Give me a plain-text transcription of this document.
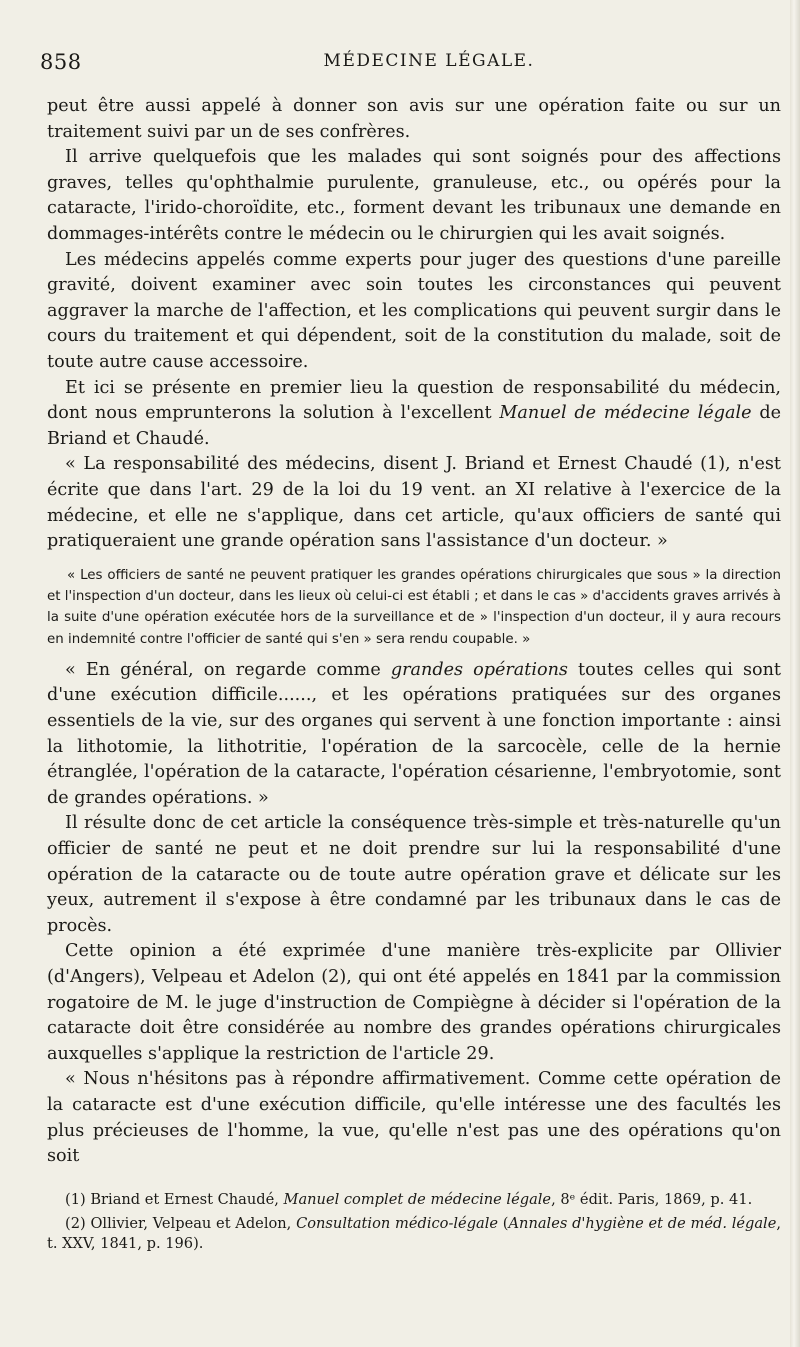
858	MÉDECINE LÉGALE.

peut être aussi appelé à donner son avis sur une opération faite ou sur un traitement suivi par un de ses confrères.

Il arrive quelquefois que les malades qui sont soignés pour des affections graves, telles qu'ophthalmie purulente, granuleuse, etc., ou opérés pour la cataracte, l'irido-choroïdite, etc., forment devant les tribunaux une demande en dommages-intérêts contre le médecin ou le chirurgien qui les avait soignés.

Les médecins appelés comme experts pour juger des questions d'une pareille gravité, doivent examiner avec soin toutes les circonstances qui peuvent aggraver la marche de l'affection, et les complications qui peuvent surgir dans le cours du traitement et qui dépendent, soit de la constitution du malade, soit de toute autre cause accessoire.

Et ici se présente en premier lieu la question de responsabilité du médecin, dont nous emprunterons la solution à l'excellent Manuel de médecine légale de Briand et Chaudé.

« La responsabilité des médecins, disent J. Briand et Ernest Chaudé (1), n'est écrite que dans l'art. 29 de la loi du 19 vent. an XI relative à l'exercice de la médecine, et elle ne s'applique, dans cet article, qu'aux officiers de santé qui pratiqueraient une grande opération sans l'assistance d'un docteur. »

« Les officiers de santé ne peuvent pratiquer les grandes opérations chirurgicales que sous » la direction et l'inspection d'un docteur, dans les lieux où celui-ci est établi ; et dans le cas » d'accidents graves arrivés à la suite d'une opération exécutée hors de la surveillance et de » l'inspection d'un docteur, il y aura recours en indemnité contre l'officier de santé qui s'en » sera rendu coupable. »

« En général, on regarde comme grandes opérations toutes celles qui sont d'une exécution difficile......, et les opérations pratiquées sur des organes essentiels de la vie, sur des organes qui servent à une fonction importante : ainsi la lithotomie, la lithotritie, l'opération de la sarcocèle, celle de la hernie étranglée, l'opération de la cataracte, l'opération césarienne, l'embryotomie, sont de grandes opérations. »

Il résulte donc de cet article la conséquence très-simple et très-naturelle qu'un officier de santé ne peut et ne doit prendre sur lui la responsabilité d'une opération de la cataracte ou de toute autre opération grave et délicate sur les yeux, autrement il s'expose à être condamné par les tribunaux dans le cas de procès.

Cette opinion a été exprimée d'une manière très-explicite par Ollivier (d'Angers), Velpeau et Adelon (2), qui ont été appelés en 1841 par la commission rogatoire de M. le juge d'instruction de Compiègne à décider si l'opération de la cataracte doit être considérée au nombre des grandes opérations chirurgicales auxquelles s'applique la restriction de l'article 29.

« Nous n'hésitons pas à répondre affirmativement. Comme cette opération de la cataracte est d'une exécution difficile, qu'elle intéresse une des facultés les plus précieuses de l'homme, la vue, qu'elle n'est pas une des opérations qu'on soit

(1) Briand et Ernest Chaudé, Manuel complet de médecine légale, 8ᵉ édit. Paris, 1869, p. 41.

(2) Ollivier, Velpeau et Adelon, Consultation médico-légale (Annales d'hygiène et de méd. légale, t. XXV, 1841, p. 196).
